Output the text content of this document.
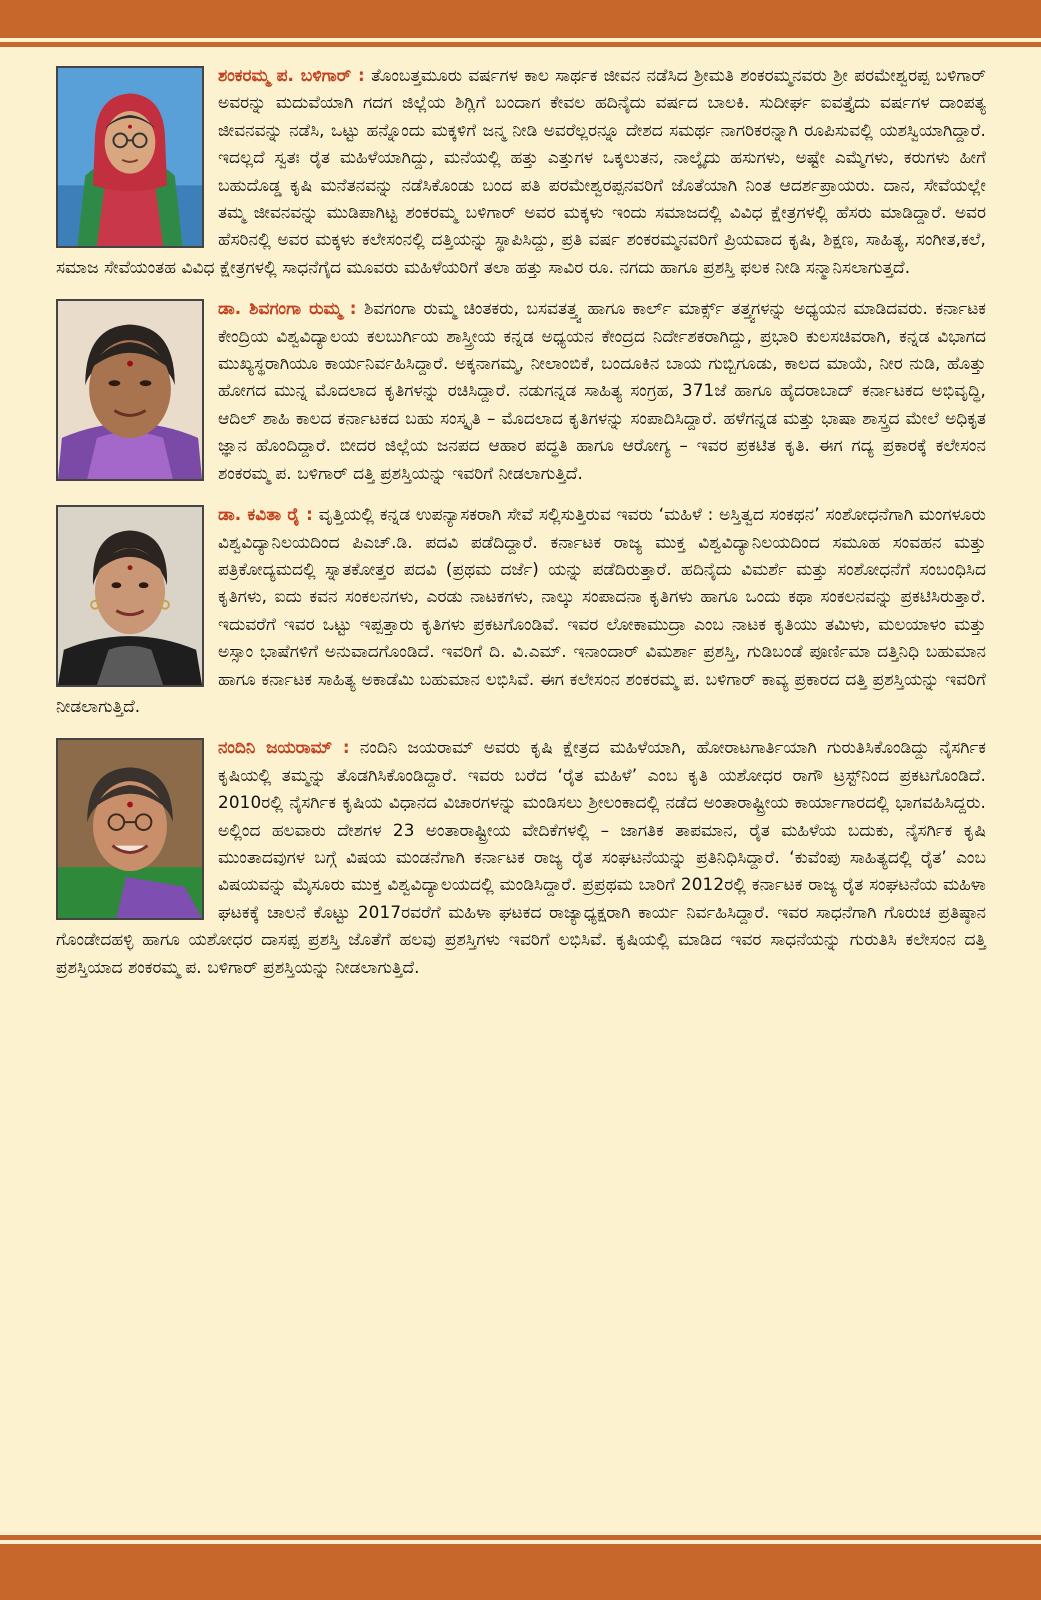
ಶಂಕರಮ್ಮ ಪ. ಬಳಿಗಾರ್ : ತೊಂಬತ್ತಮೂರು ವರ್ಷಗಳ ಕಾಲ ಸಾರ್ಥಕ ಜೀವನ ನಡೆಸಿದ ಶ್ರೀಮತಿ ಶಂಕರಮ್ಮನವರು ಶ್ರೀ ಪರಮೇಶ್ವರಪ್ಪ ಬಳಿಗಾರ್ ಅವರನ್ನು ಮದುವೆಯಾಗಿ ಗದಗ ಜಿಲ್ಲೆಯ ಶಿಗ್ಲಿಗೆ ಬಂದಾಗ ಕೇವಲ ಹದಿನೈದು ವರ್ಷದ ಬಾಲಕಿ. ಸುದೀರ್ಘ ಐವತ್ತೈದು ವರ್ಷಗಳ ದಾಂಪತ್ಯ ಜೀವನವನ್ನು ನಡೆಸಿ, ಒಟ್ಟು ಹನ್ನೊಂದು ಮಕ್ಕಳಿಗೆ ಜನ್ಮ ನೀಡಿ ಅವರೆಲ್ಲರನ್ನೂ ದೇಶದ ಸಮರ್ಥ ನಾಗರಿಕರನ್ನಾಗಿ ರೂಪಿಸುವಲ್ಲಿ ಯಶಸ್ವಿಯಾಗಿದ್ದಾರೆ. ಇದಲ್ಲದೆ ಸ್ವತಃ ರೈತ ಮಹಿಳೆಯಾಗಿದ್ದು, ಮನೆಯಲ್ಲಿ ಹತ್ತು ಎತ್ತುಗಳ ಒಕ್ಕಲುತನ, ನಾಲ್ಕೈದು ಹಸುಗಳು, ಅಷ್ಟೇ ಎಮ್ಮೆಗಳು, ಕರುಗಳು ಹೀಗೆ ಬಹುದೊಡ್ಡ ಕೃಷಿ ಮನೆತನವನ್ನು ನಡೆಸಿಕೊಂಡು ಬಂದ ಪತಿ ಪರಮೇಶ್ವರಪ್ಪನವರಿಗೆ ಜೊತೆಯಾಗಿ ನಿಂತ ಆದರ್ಶಪ್ರಾಯರು. ದಾನ, ಸೇವೆಯಲ್ಲೇ ತಮ್ಮ ಜೀವನವನ್ನು ಮುಡಿಪಾಗಿಟ್ಟ ಶಂಕರಮ್ಮ ಬಳಿಗಾರ್ ಅವರ ಮಕ್ಕಳು ಇಂದು ಸಮಾಜದಲ್ಲಿ ವಿವಿಧ ಕ್ಷೇತ್ರಗಳಲ್ಲಿ ಹೆಸರು ಮಾಡಿದ್ದಾರೆ. ಅವರ ಹೆಸರಿನಲ್ಲಿ ಅವರ ಮಕ್ಕಳು ಕಲೇಸಂನಲ್ಲಿ ದತ್ತಿಯನ್ನು ಸ್ಥಾಪಿಸಿದ್ದು, ಪ್ರತಿ ವರ್ಷ ಶಂಕರಮ್ಮನವರಿಗೆ ಪ್ರಿಯವಾದ ಕೃಷಿ, ಶಿಕ್ಷಣ, ಸಾಹಿತ್ಯ, ಸಂಗೀತ,ಕಲೆ, ಸಮಾಜ ಸೇವೆಯಂತಹ ವಿವಿಧ ಕ್ಷೇತ್ರಗಳಲ್ಲಿ ಸಾಧನೆಗೈದ ಮೂವರು ಮಹಿಳೆಯರಿಗೆ ತಲಾ ಹತ್ತು ಸಾವಿರ ರೂ. ನಗದು ಹಾಗೂ ಪ್ರಶಸ್ತಿ ಫಲಕ ನೀಡಿ ಸನ್ಮಾನಿಸಲಾಗುತ್ತದೆ.

ಡಾ. ಶಿವಗಂಗಾ ರುಮ್ಮ : ಶಿವಗಂಗಾ ರುಮ್ಮ ಚಿಂತಕರು, ಬಸವತತ್ತ್ವ ಹಾಗೂ ಕಾರ್ಲ್ ಮಾರ್ಕ್ಸ್ ತತ್ತ್ವಗಳನ್ನು ಅಧ್ಯಯನ ಮಾಡಿದವರು. ಕರ್ನಾಟಕ ಕೇಂದ್ರಿಯ ವಿಶ್ವವಿದ್ಯಾಲಯ ಕಲಬುರ್ಗಿಯ ಶಾಸ್ತ್ರೀಯ ಕನ್ನಡ ಅಧ್ಯಯನ ಕೇಂದ್ರದ ನಿರ್ದೇಶಕರಾಗಿದ್ದು, ಪ್ರಭಾರಿ ಕುಲಸಚಿವರಾಗಿ, ಕನ್ನಡ ವಿಭಾಗದ ಮುಖ್ಯಸ್ಥರಾಗಿಯೂ ಕಾರ್ಯನಿರ್ವಹಿಸಿದ್ದಾರೆ. ಅಕ್ಕನಾಗಮ್ಮ, ನೀಲಾಂಬಿಕೆ, ಬಂದೂಕಿನ ಬಾಯ ಗುಬ್ಬಿಗೂಡು, ಕಾಲದ ಮಾಯೆ, ನೀರ ನುಡಿ, ಹೊತ್ತು ಹೋಗದ ಮುನ್ನ ಮೊದಲಾದ ಕೃತಿಗಳನ್ನು ರಚಿಸಿದ್ದಾರೆ. ನಡುಗನ್ನಡ ಸಾಹಿತ್ಯ ಸಂಗ್ರಹ, 371ಜೆ ಹಾಗೂ ಹೈದರಾಬಾದ್ ಕರ್ನಾಟಕದ ಅಭಿವೃದ್ಧಿ, ಆದಿಲ್ ಶಾಹಿ ಕಾಲದ ಕರ್ನಾಟಕದ ಬಹು ಸಂಸ್ಕೃತಿ – ಮೊದಲಾದ ಕೃತಿಗಳನ್ನು ಸಂಪಾದಿಸಿದ್ದಾರೆ. ಹಳೆಗನ್ನಡ ಮತ್ತು ಭಾಷಾ ಶಾಸ್ತ್ರದ ಮೇಲೆ ಅಧಿಕೃತ ಜ್ಞಾನ ಹೊಂದಿದ್ದಾರೆ. ಬೀದರ ಜಿಲ್ಲೆಯ ಜನಪದ ಆಹಾರ ಪದ್ಧತಿ ಹಾಗೂ ಆರೋಗ್ಯ – ಇವರ ಪ್ರಕಟಿತ ಕೃತಿ. ಈಗ ಗದ್ಯ ಪ್ರಕಾರಕ್ಕೆ ಕಲೇಸಂನ ಶಂಕರಮ್ಮ ಪ. ಬಳಿಗಾರ್ ದತ್ತಿ ಪ್ರಶಸ್ತಿಯನ್ನು ಇವರಿಗೆ ನೀಡಲಾಗುತ್ತಿದೆ.

ಡಾ. ಕವಿತಾ ರೈ : ವೃತ್ತಿಯಲ್ಲಿ ಕನ್ನಡ ಉಪನ್ಯಾಸಕರಾಗಿ ಸೇವೆ ಸಲ್ಲಿಸುತ್ತಿರುವ ಇವರು ‘ಮಹಿಳೆ : ಅಸ್ತಿತ್ವದ ಸಂಕಥನ’ ಸಂಶೋಧನೆಗಾಗಿ ಮಂಗಳೂರು ವಿಶ್ವವಿದ್ಯಾನಿಲಯದಿಂದ ಪಿಎಚ್.ಡಿ. ಪದವಿ ಪಡೆದಿದ್ದಾರೆ. ಕರ್ನಾಟಕ ರಾಜ್ಯ ಮುಕ್ತ ವಿಶ್ವವಿದ್ಯಾನಿಲಯದಿಂದ ಸಮೂಹ ಸಂವಹನ ಮತ್ತು ಪತ್ರಿಕೋದ್ಯಮದಲ್ಲಿ ಸ್ನಾತಕೋತ್ತರ ಪದವಿ (ಪ್ರಥಮ ದರ್ಜೆ) ಯನ್ನು ಪಡೆದಿರುತ್ತಾರೆ. ಹದಿನೈದು ವಿಮರ್ಶೆ ಮತ್ತು ಸಂಶೋಧನೆಗೆ ಸಂಬಂಧಿಸಿದ ಕೃತಿಗಳು, ಐದು ಕವನ ಸಂಕಲನಗಳು, ಎರಡು ನಾಟಕಗಳು, ನಾಲ್ಕು ಸಂಪಾದನಾ ಕೃತಿಗಳು ಹಾಗೂ ಒಂದು ಕಥಾ ಸಂಕಲನವನ್ನು ಪ್ರಕಟಿಸಿರುತ್ತಾರೆ. ಇದುವರೆಗೆ ಇವರ ಒಟ್ಟು ಇಪ್ಪತ್ತಾರು ಕೃತಿಗಳು ಪ್ರಕಟಗೊಂಡಿವೆ. ಇವರ ಲೋಕಾಮುದ್ರಾ ಎಂಬ ನಾಟಕ ಕೃತಿಯು ತಮಿಳು, ಮಲಯಾಳಂ ಮತ್ತು ಅಸ್ಸಾಂ ಭಾಷೆಗಳಿಗೆ ಅನುವಾದಗೊಂಡಿದೆ. ಇವರಿಗೆ ದಿ. ವಿ.ಎಮ್. ಇನಾಂದಾರ್ ವಿಮರ್ಶಾ ಪ್ರಶಸ್ತಿ, ಗುಡಿಬಂಡೆ ಪೂರ್ಣಿಮಾ ದತ್ತಿನಿಧಿ ಬಹುಮಾನ ಹಾಗೂ ಕರ್ನಾಟಕ ಸಾಹಿತ್ಯ ಅಕಾಡೆಮಿ ಬಹುಮಾನ ಲಭಿಸಿವೆ. ಈಗ ಕಲೇಸಂನ ಶಂಕರಮ್ಮ ಪ. ಬಳಿಗಾರ್ ಕಾವ್ಯ ಪ್ರಕಾರದ ದತ್ತಿ ಪ್ರಶಸ್ತಿಯನ್ನು ಇವರಿಗೆ ನೀಡಲಾಗುತ್ತಿದೆ.

ನಂದಿನಿ ಜಯರಾಮ್ : ನಂದಿನಿ ಜಯರಾಮ್ ಅವರು ಕೃಷಿ ಕ್ಷೇತ್ರದ ಮಹಿಳೆಯಾಗಿ, ಹೋರಾಟಗಾರ್ತಿಯಾಗಿ ಗುರುತಿಸಿಕೊಂಡಿದ್ದು ನೈಸರ್ಗಿಕ ಕೃಷಿಯಲ್ಲಿ ತಮ್ಮನ್ನು ತೊಡಗಿಸಿಕೊಂಡಿದ್ದಾರೆ. ಇವರು ಬರೆದ ‘ರೈತ ಮಹಿಳೆ’ ಎಂಬ ಕೃತಿ ಯಶೋಧರ ರಾಗೌ ಟ್ರಸ್ಟ್‌ನಿಂದ ಪ್ರಕಟಗೊಂಡಿದೆ. 2010ರಲ್ಲಿ ನೈಸರ್ಗಿಕ ಕೃಷಿಯ ವಿಧಾನದ ವಿಚಾರಗಳನ್ನು ಮಂಡಿಸಲು ಶ್ರೀಲಂಕಾದಲ್ಲಿ ನಡೆದ ಅಂತಾರಾಷ್ಟ್ರೀಯ ಕಾರ್ಯಾಗಾರದಲ್ಲಿ ಭಾಗವಹಿಸಿದ್ದರು. ಅಲ್ಲಿಂದ ಹಲವಾರು ದೇಶಗಳ 23 ಅಂತಾರಾಷ್ಟ್ರೀಯ ವೇದಿಕೆಗಳಲ್ಲಿ – ಜಾಗತಿಕ ತಾಪಮಾನ, ರೈತ ಮಹಿಳೆಯ ಬದುಕು, ನೈಸರ್ಗಿಕ ಕೃಷಿ ಮುಂತಾದವುಗಳ ಬಗ್ಗೆ ವಿಷಯ ಮಂಡನೆಗಾಗಿ ಕರ್ನಾಟಕ ರಾಜ್ಯ ರೈತ ಸಂಘಟನೆಯನ್ನು ಪ್ರತಿನಿಧಿಸಿದ್ದಾರೆ. ‘ಕುವೆಂಪು ಸಾಹಿತ್ಯದಲ್ಲಿ ರೈತ’ ಎಂಬ ವಿಷಯವನ್ನು ಮೈಸೂರು ಮುಕ್ತ ವಿಶ್ವವಿದ್ಯಾಲಯದಲ್ಲಿ ಮಂಡಿಸಿದ್ದಾರೆ. ಪ್ರಪ್ರಥಮ ಬಾರಿಗೆ 2012ರಲ್ಲಿ ಕರ್ನಾಟಕ ರಾಜ್ಯ ರೈತ ಸಂಘಟನೆಯ ಮಹಿಳಾ ಘಟಕಕ್ಕೆ ಚಾಲನೆ ಕೊಟ್ಟು 2017ರವರೆಗೆ ಮಹಿಳಾ ಘಟಕದ ರಾಜ್ಯಾಧ್ಯಕ್ಷರಾಗಿ ಕಾರ್ಯ ನಿರ್ವಹಿಸಿದ್ದಾರೆ. ಇವರ ಸಾಧನೆಗಾಗಿ ಗೊರುಚ ಪ್ರತಿಷ್ಠಾನ ಗೊಂಡೇದಹಳ್ಳಿ ಹಾಗೂ ಯಶೋಧರ ದಾಸಪ್ಪ ಪ್ರಶಸ್ತಿ ಜೊತೆಗೆ ಹಲವು ಪ್ರಶಸ್ತಿಗಳು ಇವರಿಗೆ ಲಭಿಸಿವೆ. ಕೃಷಿಯಲ್ಲಿ ಮಾಡಿದ ಇವರ ಸಾಧನೆಯನ್ನು ಗುರುತಿಸಿ ಕಲೇಸಂನ ದತ್ತಿ ಪ್ರಶಸ್ತಿಯಾದ ಶಂಕರಮ್ಮ ಪ. ಬಳಿಗಾರ್ ಪ್ರಶಸ್ತಿಯನ್ನು ನೀಡಲಾಗುತ್ತಿದೆ.
